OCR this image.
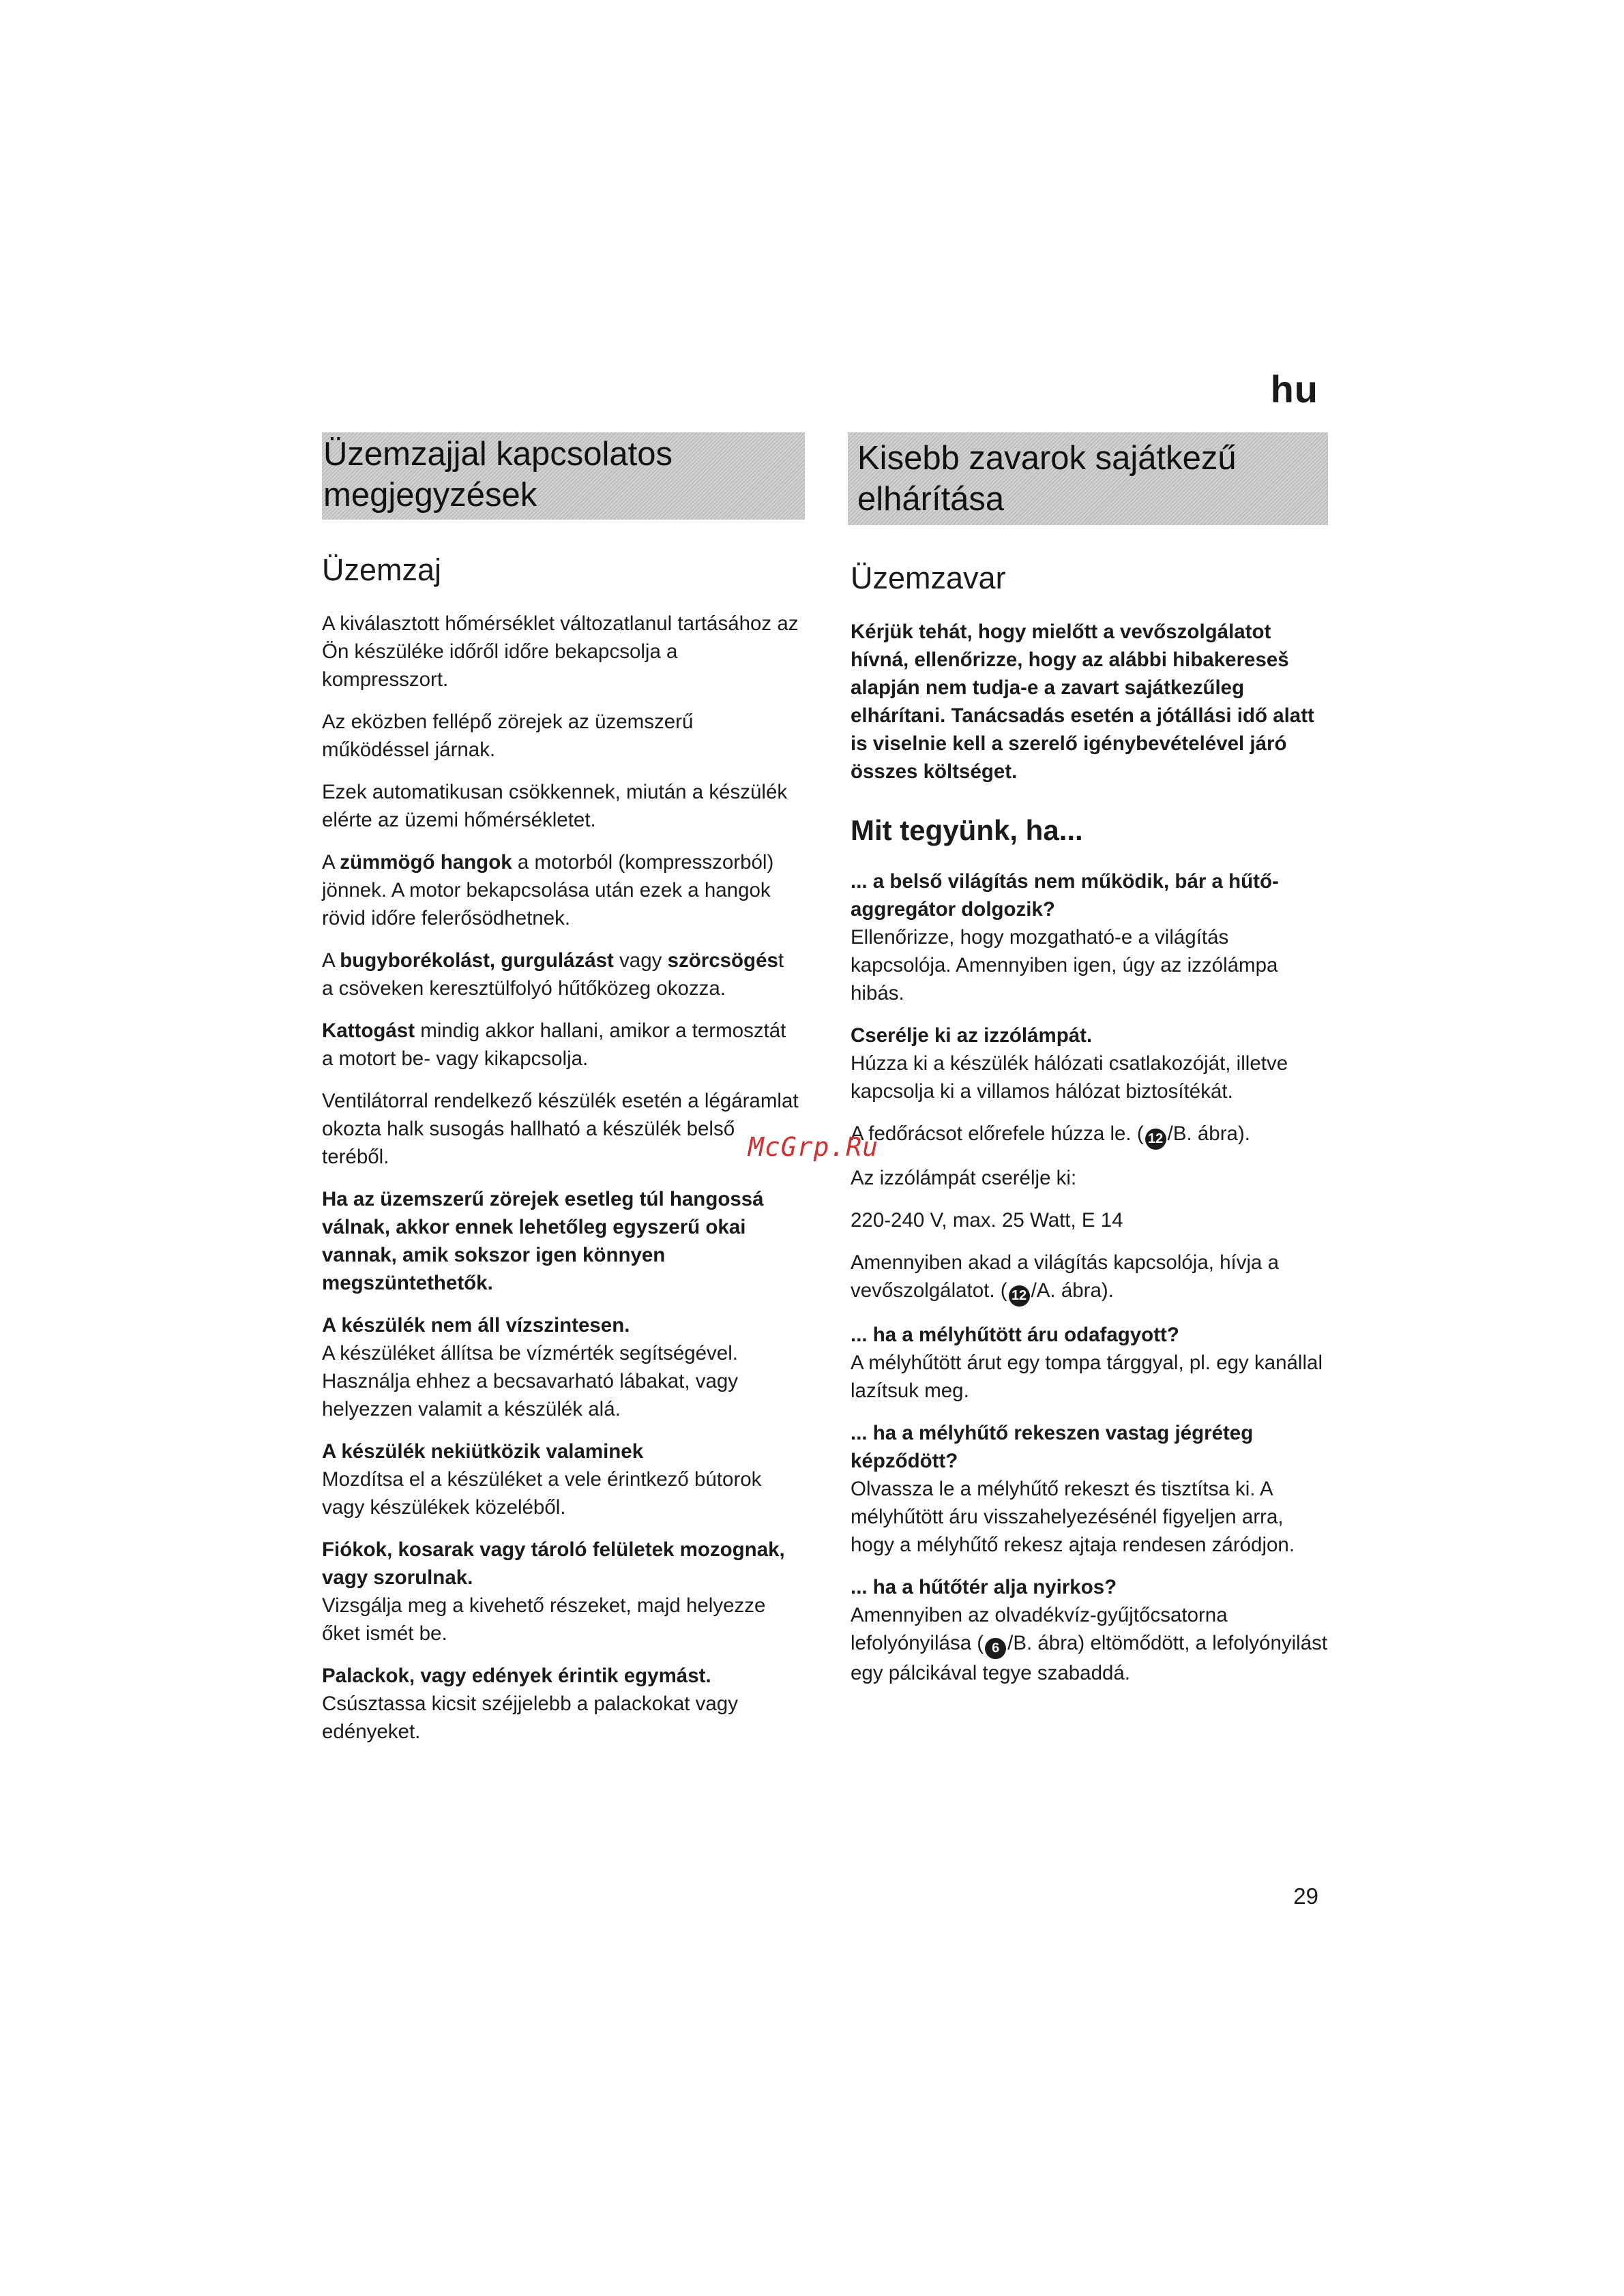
hu
Üzemzajjal kapcsolatos
megjegyzések
Üzemzaj

A kiválasztott hőmérséklet változatlanul tartásához az Ön készüléke időről időre bekapcsolja a kompresszort.

Az eközben fellépő zörejek az üzemszerű működéssel járnak.

Ezek automatikusan csökkennek, miután a készülék elérte az üzemi hőmérsékletet.

A zümmögő hangok a motorból (kompresszorból) jönnek. A motor bekapcsolása után ezek a hangok rövid időre felerősödhetnek.

A bugyborékolást, gurgulázást vagy szörcsögést a csöveken keresztülfolyó hűtőközeg okozza.

Kattogást mindig akkor hallani, amikor a termosztát a motort be- vagy kikapcsolja.

Ventilátorral rendelkező készülék esetén a légáramlat okozta halk susogás hallható a készülék belső teréből.

Ha az üzemszerű zörejek esetleg túl hangossá válnak, akkor ennek lehetőleg egyszerű okai vannak, amik sokszor igen könnyen megszüntethetők.

A készülék nem áll vízszintesen.

A készüléket állítsa be vízmérték segítségével. Használja ehhez a becsavarható lábakat, vagy helyezzen valamit a készülék alá.

A készülék nekiütközik valaminek

Mozdítsa el a készüléket a vele érintkező bútorok vagy készülékek közeléből.

Fiókok, kosarak vagy tároló felületek mozognak, vagy szorulnak.

Vizsgálja meg a kivehető részeket, majd helyezze őket ismét be.

Palackok, vagy edények érintik egymást.

Csúsztassa kicsit széjjelebb a palackokat vagy edényeket.

Kisebb zavarok sajátkezű
elhárítása
Üzemzavar

Kérjük tehát, hogy mielőtt a vevőszolgálatot hívná, ellenőrizze, hogy az alábbi hibakereseš alapján nem tudja-e a zavart sajátkezűleg elhárítani. Tanácsadás esetén a jótállási idő alatt is viselnie kell a szerelő igénybevételével járó összes költséget.

Mit tegyünk, ha...

... a belső világítás nem működik, bár a hűtő-aggregátor dolgozik?

Ellenőrizze, hogy mozgatható-e a világítás kapcsolója. Amennyiben igen, úgy az izzólámpa hibás.

Cserélje ki az izzólámpát.

Húzza ki a készülék hálózati csatlakozóját, illetve kapcsolja ki a villamos hálózat biztosítékát.

A fedőrácsot előrefele húzza le. ( 12 /B. ábra).

Az izzólámpát cserélje ki:

220-240 V, max. 25 Watt, E 14

Amennyiben akad a világítás kapcsolója, hívja a vevőszolgálatot. ( 12 /A. ábra).

... ha a mélyhűtött áru odafagyott?

A mélyhűtött árut egy tompa tárggyal, pl. egy kanállal lazítsuk meg.

... ha a mélyhűtő rekeszen vastag jégréteg képződött?

Olvassza le a mélyhűtő rekeszt és tisztítsa ki. A mélyhűtött áru visszahelyezésénél figyeljen arra, hogy a mélyhűtő rekesz ajtaja rendesen záródjon.

... ha a hűtőtér alja nyirkos?

Amennyiben az olvadékvíz-gyűjtőcsatorna lefolyónyilása ( 6 /B. ábra) eltömődött, a lefolyónyilást egy pálcikával tegye szabaddá.

McGrp.Ru
29
